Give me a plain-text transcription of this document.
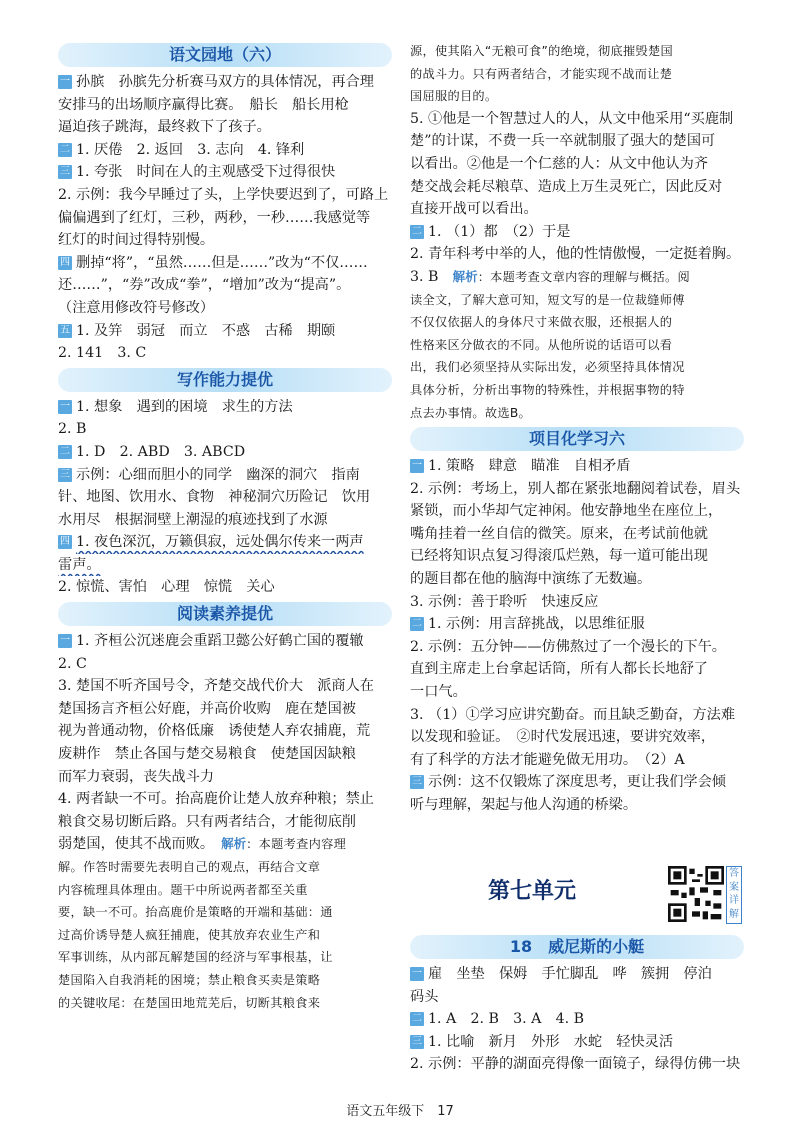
语文园地（六）
一 孙膑　孙膑先分析赛马双方的具体情况，再合理
安排马的出场顺序赢得比赛。　船长　船长用枪
逼迫孩子跳海，最终救下了孩子。
二 1. 厌倦　2. 返回　3. 志向　4. 锋利
三 1. 夸张　时间在人的主观感受下过得很快
2. 示例：我今早睡过了头，上学快要迟到了，可路上
偏偏遇到了红灯，三秒，两秒，一秒……我感觉等
红灯的时间过得特别慢。
四 删掉“将”，“虽然……但是……”改为“不仅……
还……”，“券”改成“拳”，“增加”改为“提高”。
（注意用修改符号修改）
五 1. 及笄　弱冠　而立　不惑　古稀　期颐
2. 141　3. C
写作能力提优
一 1. 想象　遇到的困境　求生的方法
2. B
二 1. D　2. ABD　3. ABCD
三 示例：心细而胆小的同学　幽深的洞穴　指南
针、地图、饮用水、食物　神秘洞穴历险记　饮用
水用尽　根据洞壁上潮湿的痕迹找到了水源
四 1. 夜色深沉，万籁俱寂，远处偶尔传来一两声
雷声。
2. 惊慌、害怕　心理　惊慌　关心
阅读素养提优
一 1. 齐桓公沉迷鹿会重蹈卫懿公好鹤亡国的覆辙
2. C
3. 楚国不听齐国号令，齐楚交战代价大　派商人在
楚国扬言齐桓公好鹿，并高价收购　鹿在楚国被
视为普通动物，价格低廉　诱使楚人弃农捕鹿，荒
废耕作　禁止各国与楚交易粮食　使楚国因缺粮
而军力衰弱，丧失战斗力
4. 两者缺一不可。抬高鹿价让楚人放弃种粮；禁止
粮食交易切断后路。只有两者结合，才能彻底削
弱楚国，使其不战而败。　解析：本题考查内容理
解。作答时需要先表明自己的观点，再结合文章
内容梳理具体理由。题干中所说两者都至关重
要，缺一不可。抬高鹿价是策略的开端和基础：通
过高价诱导楚人疯狂捕鹿，使其放弃农业生产和
军事训练，从内部瓦解楚国的经济与军事根基，让
楚国陷入自我消耗的困境；禁止粮食买卖是策略
的关键收尾：在楚国田地荒芜后，切断其粮食来
源，使其陷入“无粮可食”的绝境，彻底摧毁楚国
的战斗力。只有两者结合，才能实现不战而让楚
国屈服的目的。
5. ①他是一个智慧过人的人，从文中他采用“买鹿制
楚”的计谋，不费一兵一卒就制服了强大的楚国可
以看出。②他是一个仁慈的人：从文中他认为齐
楚交战会耗尽粮草、造成上万生灵死亡，因此反对
直接开战可以看出。
二 1. （1）都　（2）于是
2. 青年科考中举的人，他的性情傲慢，一定挺着胸。
3. B　解析：本题考查文章内容的理解与概括。阅
读全文，了解大意可知，短文写的是一位裁缝师傅
不仅仅依据人的身体尺寸来做衣服，还根据人的
性格来区分做衣的不同。从他所说的话语可以看
出，我们必须坚持从实际出发，必须坚持具体情况
具体分析，分析出事物的特殊性，并根据事物的特
点去办事情。故选B。
项目化学习六
一 1. 策略　肆意　瞄准　自相矛盾
2. 示例：考场上，别人都在紧张地翻阅着试卷，眉头
紧锁，而小华却气定神闲。他安静地坐在座位上，
嘴角挂着一丝自信的微笑。原来，在考试前他就
已经将知识点复习得滚瓜烂熟，每一道可能出现
的题目都在他的脑海中演练了无数遍。
3. 示例：善于聆听　快速反应
二 1. 示例：用言辞挑战，以思维征服
2. 示例：五分钟——仿佛熬过了一个漫长的下午。
直到主席走上台拿起话筒，所有人都长长地舒了
一口气。
3. （1）①学习应讲究勤奋。而且缺乏勤奋，方法难
以发现和验证。　②时代发展迅速，要讲究效率，
有了科学的方法才能避免做无用功。　（2）A
三 示例：这不仅锻炼了深度思考，更让我们学会倾
听与理解，架起与他人沟通的桥梁。
第七单元
答案详解
18　威尼斯的小艇
一 雇　坐垫　保姆　手忙脚乱　哗　簇拥　停泊
码头
二 1. A　2. B　3. A　4. B
三 1. 比喻　新月　外形　水蛇　轻快灵活
2. 示例：平静的湖面亮得像一面镜子，绿得仿佛一块
语文五年级下　17
